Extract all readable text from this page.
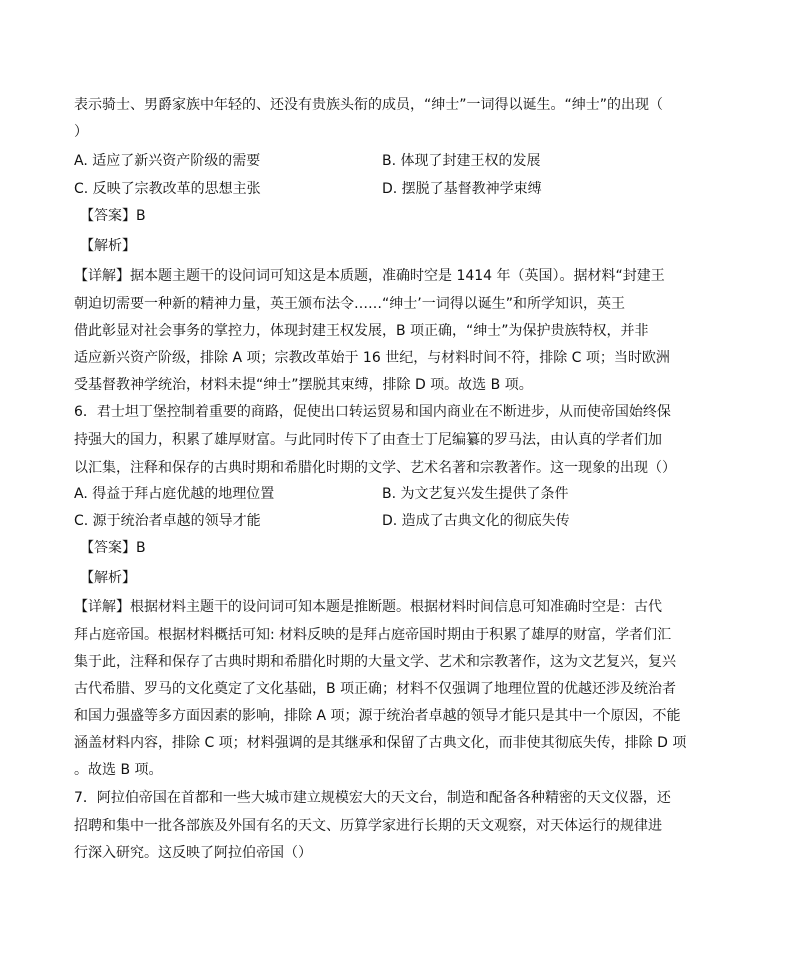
表示骑士、男爵家族中年轻的、还没有贵族头衔的成员，“绅士”一词得以诞生。“绅士”的出现（
）
A. 适应了新兴资产阶级的需要	B. 体现了封建王权的发展
C. 反映了宗教改革的思想主张	D. 摆脱了基督教神学束缚
【答案】B
【解析】
【详解】据本题主题干的设问词可知这是本质题，准确时空是 1414 年（英国）。据材料“封建王
朝迫切需要一种新的精神力量，英王颁布法令……“绅士’一词得以诞生”和所学知识，英王
借此彰显对社会事务的掌控力，体现封建王权发展，B 项正确，“绅士”为保护贵族特权，并非
适应新兴资产阶级，排除 A 项；宗教改革始于 16 世纪，与材料时间不符，排除 C 项；当时欧洲
受基督教神学统治，材料未提“绅士”摆脱其束缚，排除 D 项。故选 B 项。
6．君士坦丁堡控制着重要的商路，促使出口转运贸易和国内商业在不断进步，从而使帝国始终保
持强大的国力，积累了雄厚财富。与此同时传下了由查士丁尼编纂的罗马法，由认真的学者们加
以汇集，注释和保存的古典时期和希腊化时期的文学、艺术名著和宗教著作。这一现象的出现（）
A. 得益于拜占庭优越的地理位置	B. 为文艺复兴发生提供了条件
C. 源于统治者卓越的领导才能	D. 造成了古典文化的彻底失传
【答案】B
【解析】
【详解】根据材料主题干的设问词可知本题是推断题。根据材料时间信息可知准确时空是：古代
拜占庭帝国。根据材料概括可知: 材料反映的是拜占庭帝国时期由于积累了雄厚的财富，学者们汇
集于此，注释和保存了古典时期和希腊化时期的大量文学、艺术和宗教著作，这为文艺复兴，复兴
古代希腊、罗马的文化奠定了文化基础，B 项正确；材料不仅强调了地理位置的优越还涉及统治者
和国力强盛等多方面因素的影响，排除 A 项；源于统治者卓越的领导才能只是其中一个原因，不能
涵盖材料内容，排除 C 项；材料强调的是其继承和保留了古典文化，而非使其彻底失传，排除 D 项
。故选 B 项。
7．阿拉伯帝国在首都和一些大城市建立规模宏大的天文台，制造和配备各种精密的天文仪器，还
招聘和集中一批各部族及外国有名的天文、历算学家进行长期的天文观察，对天体运行的规律进
行深入研究。这反映了阿拉伯帝国（）
